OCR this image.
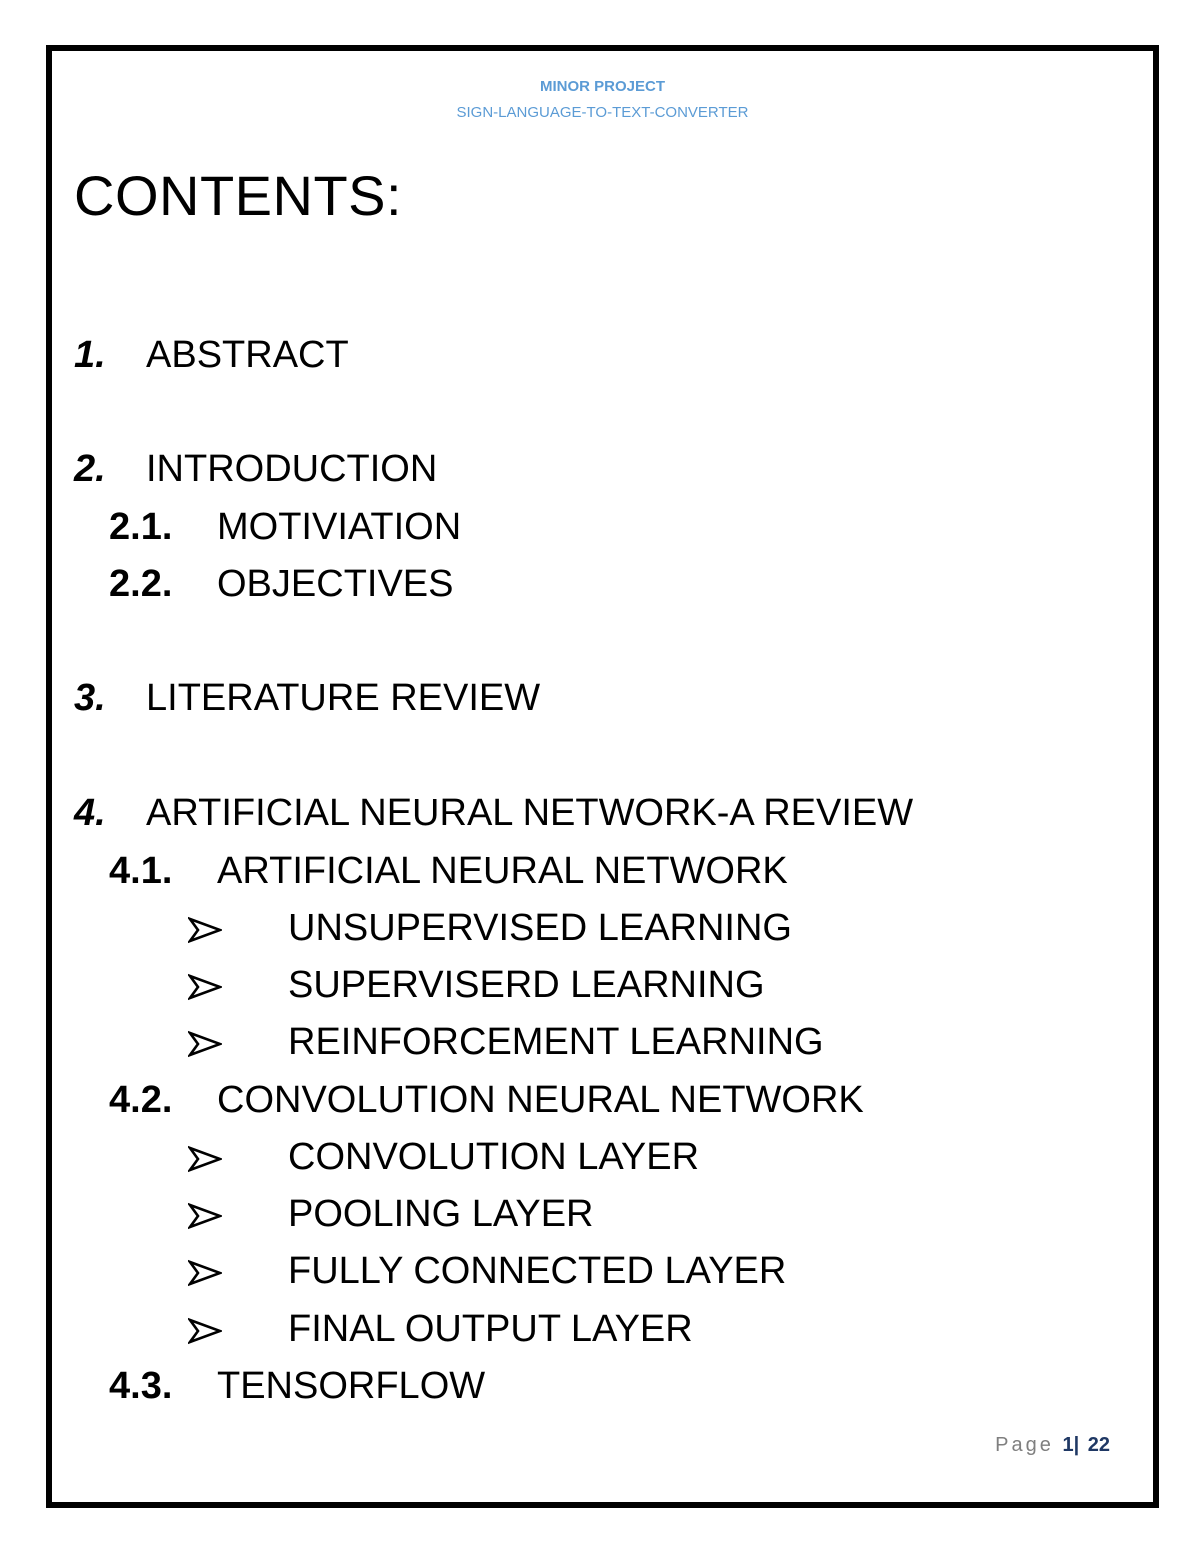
MINOR PROJECT
SIGN-LANGUAGE-TO-TEXT-CONVERTER
CONTENTS:
1. ABSTRACT
2. INTRODUCTION
2.1. MOTIVIATION
2.2. OBJECTIVES
3. LITERATURE REVIEW
4. ARTIFICIAL NEURAL NETWORK-A REVIEW
4.1. ARTIFICIAL NEURAL NETWORK
UNSUPERVISED LEARNING
SUPERVISERD LEARNING
REINFORCEMENT LEARNING
4.2. CONVOLUTION NEURAL NETWORK
CONVOLUTION LAYER
POOLING LAYER
FULLY CONNECTED LAYER
FINAL OUTPUT LAYER
4.3. TENSORFLOW
Page 1| 22
